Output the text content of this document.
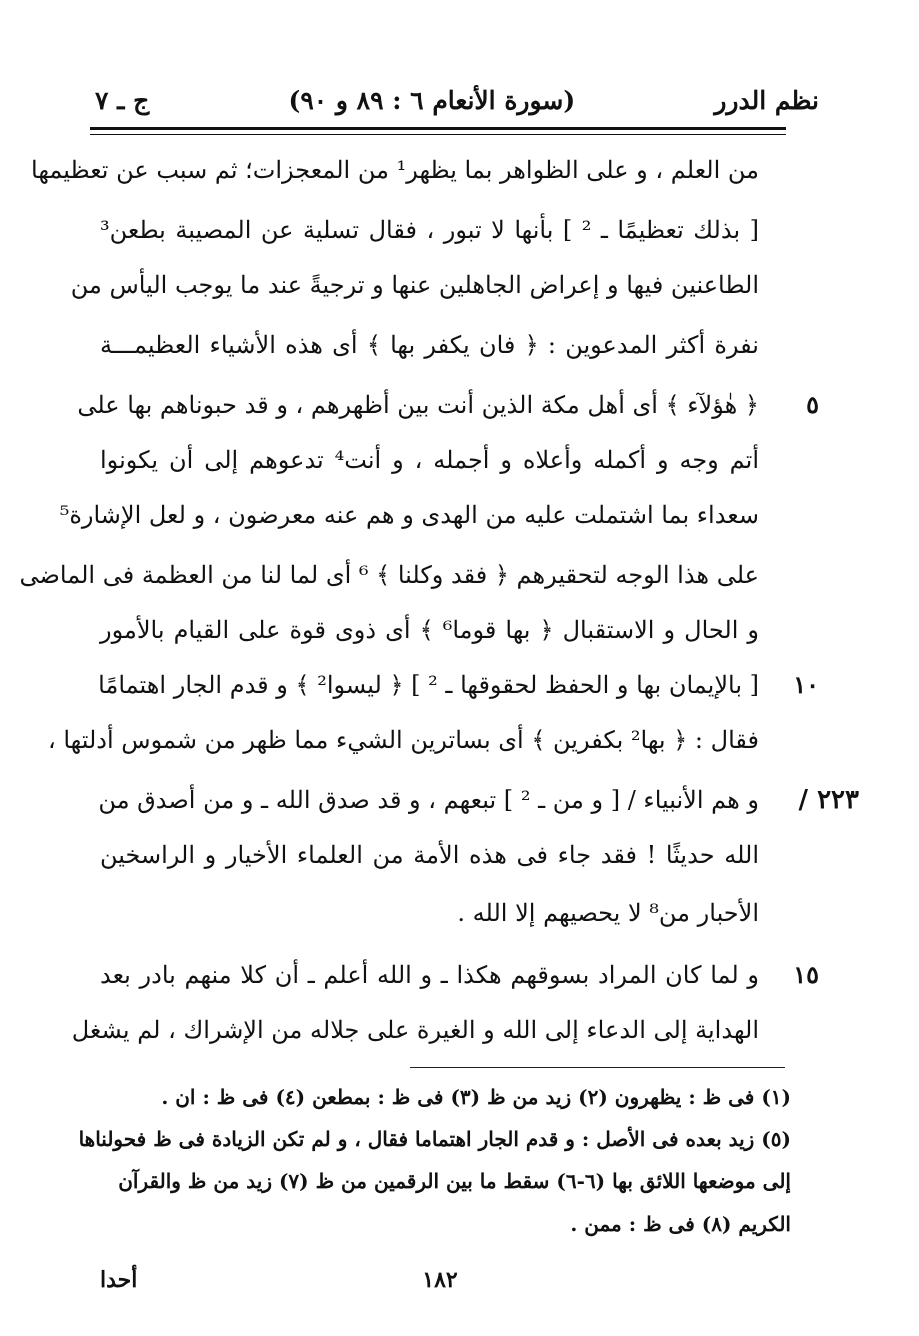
نظم الدرر
(سورة الأنعام ٦ : ٨٩ و ٩٠)
ج ـ ٧
من العلم ، و على الظواهر بما يظهر¹ من المعجزات؛ ثم سبب عن تعظيمها
[ بذلك تعظيمًا ـ ² ] بأنها لا تبور ، فقال تسلية عن المصيبة بطعن³
الطاعنين فيها و إعراض الجاهلين عنها و ترجيةً عند ما يوجب اليأس من
نفرة أكثر المدعوين : ﴿ فان يكفر بها ﴾ أى هذه الأشياء العظيمـــة
﴿ هٰؤلآء ﴾ أى أهل مكة الذين أنت بين أظهرهم ، و قد حبوناهم بها على
أتم وجه و أكمله وأعلاه و أجمله ، و أنت⁴ تدعوهم إلى أن يكونوا
سعداء بما اشتملت عليه من الهدى و هم عنه معرضون ، و لعل الإشارة⁵
على هذا الوجه لتحقيرهم ﴿ فقد وكلنا ﴾ ⁶ أى لما لنا من العظمة فى الماضى
و الحال و الاستقبال ﴿ بها قوما⁶ ﴾ أى ذوى قوة على القيام بالأمور
[ بالإيمان بها و الحفظ لحقوقها ـ ² ] ﴿ ليسوا² ﴾ و قدم الجار اهتمامًا
فقال : ﴿ بها² بكفرين ﴾ أى بساترين الشيء مما ظهر من شموس أدلتها ،
و هم الأنبياء / [ و من ـ ² ] تبعهم ، و قد صدق الله ـ و من أصدق من
الله حديثًا ! فقد جاء فى هذه الأمة من العلماء الأخيار و الراسخين
الأحبار من⁸ لا يحصيهم إلا الله .
و لما كان المراد بسوقهم هكذا ـ و الله أعلم ـ أن كلا منهم بادر بعد
الهداية إلى الدعاء إلى الله و الغيرة على جلاله من الإشراك ، لم يشغل
٥
١٠
١٥
٢٢٣ /
(١) فى ظ : يظهرون (٢) زيد من ظ (٣) فى ظ : بمطعن (٤) فى ظ : ان .
(٥) زيد بعده فى الأصل : و قدم الجار اهتماما فقال ، و لم تكن الزيادة فى ظ فحولناها
إلى موضعها اللائق بها (٦-٦) سقط ما بين الرقمين من ظ (٧) زيد من ظ والقرآن
الكريم (٨) فى ظ : ممن .
أحدا	١٨٢
